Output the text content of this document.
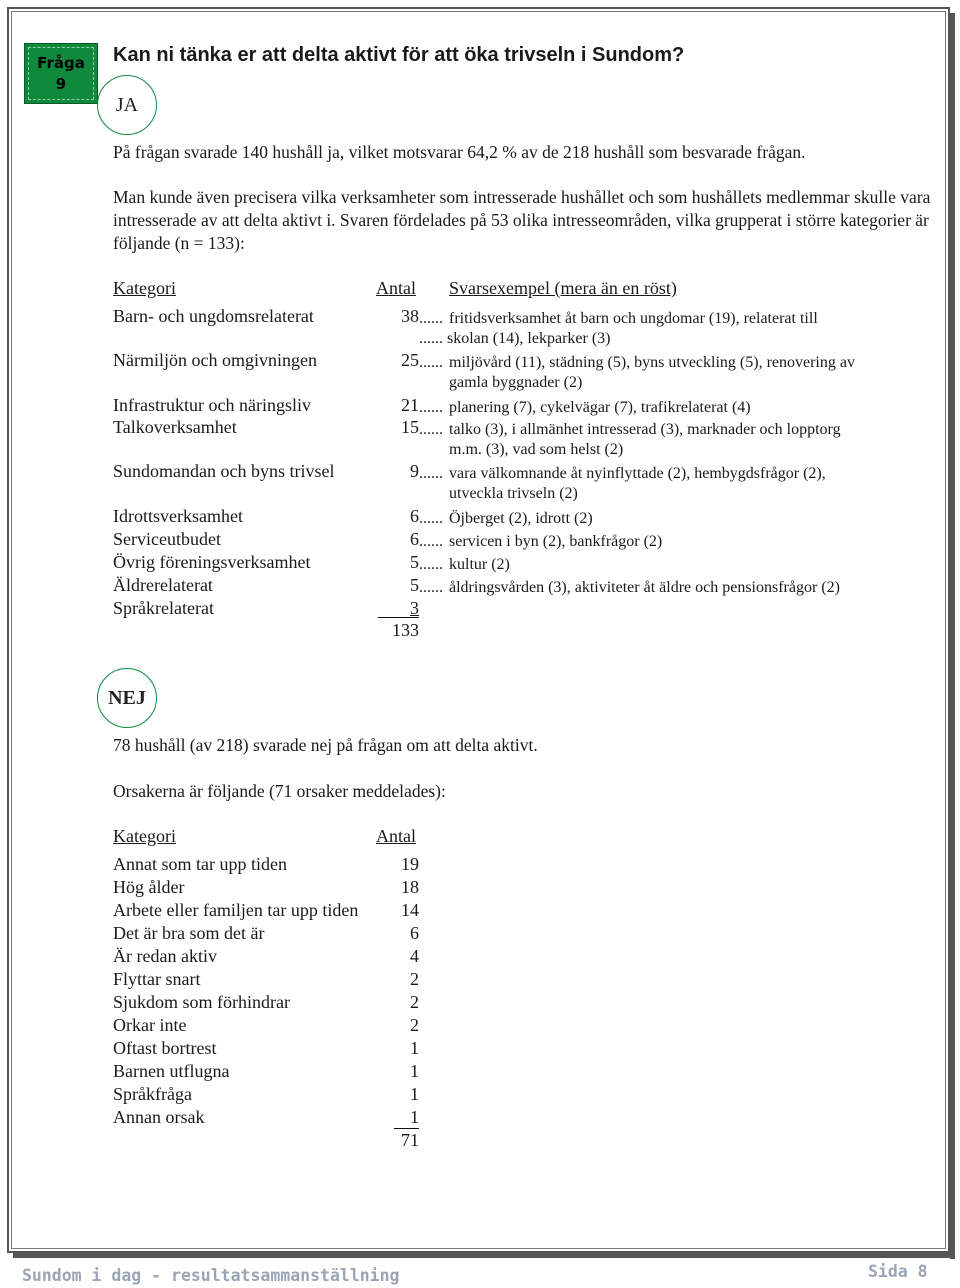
Fråga
9
Kan ni tänka er att delta aktivt för att öka trivseln i Sundom?
JA
På frågan svarade 140 hushåll ja, vilket motsvarar 64,2 % av de 218 hushåll som besvarade frågan.
Man kunde även precisera vilka verksamheter som intresserade hushållet och som hushållets medlemmar skulle vara intresserade av att delta aktivt i. Svaren fördelades på 53 olika intresseområden, vilka grupperat i större kategorier är följande (n = 133):
Kategori	Antal Svarsexempel (mera än en röst)
Barn- och ungdomsrelaterat	38 ...... fritidsverksamhet åt barn och ungdomar (19), relaterat till
...... skolan (14), lekparker (3)
Närmiljön och omgivningen	25 ...... miljövård (11), städning (5), byns utveckling (5), renovering av
gamla byggnader (2)
Infrastruktur och näringsliv	21 ...... planering (7), cykelvägar (7), trafikrelaterat (4)
Talkoverksamhet	15 ...... talko (3), i allmänhet intresserad (3), marknader och lopptorg
m.m. (3), vad som helst (2)
Sundomandan och byns trivsel	9 ...... vara välkomnande åt nyinflyttade (2), hembygdsfrågor (2),
utveckla trivseln (2)
Idrottsverksamhet	6 ...... Öjberget (2), idrott (2)
Serviceutbudet	6 ...... servicen i byn (2), bankfrågor (2)
Övrig föreningsverksamhet	5 ...... kultur (2)
Äldrerelaterat	5 ...... åldringsvården (3), aktiviteter åt äldre och pensionsfrågor (2)
Språkrelaterat	3
133
NEJ
78 hushåll (av 218) svarade nej på frågan om att delta aktivt.
Orsakerna är följande (71 orsaker meddelades):
Kategori	Antal
Annat som tar upp tiden	19
Hög ålder	18
Arbete eller familjen tar upp tiden	14
Det är bra som det är	6
Är redan aktiv	4
Flyttar snart	2
Sjukdom som förhindrar	2
Orkar inte	2
Oftast bortrest	1
Barnen utflugna	1
Språkfråga	1
Annan orsak	1
71
Sundom i dag - resultatsammanställning	Sida 8
